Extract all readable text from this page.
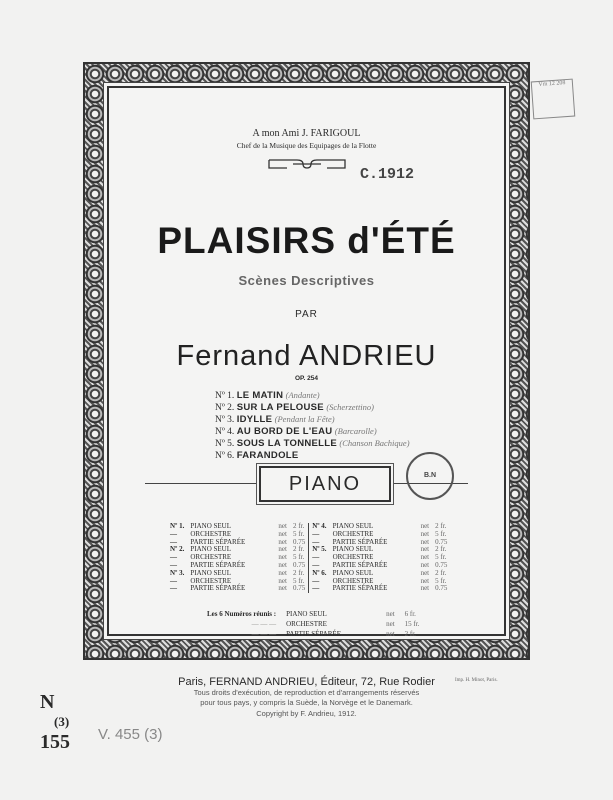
Vm 12 208
A mon Ami J. FARIGOUL
Chef de la Musique des Equipages de la Flotte
C.1912
PLAISIRS d'ÉTÉ
Scènes Descriptives
PAR
Fernand ANDRIEU
OP. 254
Nº 1. LE MATIN (Andante)
Nº 2. SUR LA PELOUSE (Scherzettino)
Nº 3. IDYLLE (Pendant la Fête)
Nº 4. AU BORD DE L'EAU (Barcarolle)
Nº 5. SOUS LA TONNELLE (Chanson Bachique)
Nº 6. FARANDOLE
PIANO	B.N
Nº 1.	PIANO SEUL	net	2 fr.	Nº 4.	PIANO SEUL	net	2 fr.
—	ORCHESTRE	net	5 fr.	—	ORCHESTRE	net	5 fr.
—	PARTIE SÉPARÉE	net	0.75	—	PARTIE SÉPARÉE	net	0.75
Nº 2.	PIANO SEUL	net	2 fr.	Nº 5.	PIANO SEUL	net	2 fr.
—	ORCHESTRE	net	5 fr.	—	ORCHESTRE	net	5 fr.
—	PARTIE SÉPARÉE	net	0.75	—	PARTIE SÉPARÉE	net	0.75
Nº 3.	PIANO SEUL	net	2 fr.	Nº 6.	PIANO SEUL	net	2 fr.
—	ORCHESTRE	net	5 fr.	—	ORCHESTRE	net	5 fr.
—	PARTIE SÉPARÉE	net	0.75	—	PARTIE SÉPARÉE	net	0.75
Les 6 Numéros réunis :	PIANO SEUL	net	6 fr.
— — —	ORCHESTRE	net	15 fr.
— — —	PARTIE SÉPARÉE	net	2 fr.
Imp. H. Minot, Paris.
Paris, FERNAND ANDRIEU, Éditeur, 72, Rue Rodier
Tous droits d'exécution, de reproduction et d'arrangements réservés
pour tous pays, y compris la Suède, la Norvège et le Danemark.
Copyright by F. Andrieu, 1912.
N
(3)
155 V. 455 (3)
